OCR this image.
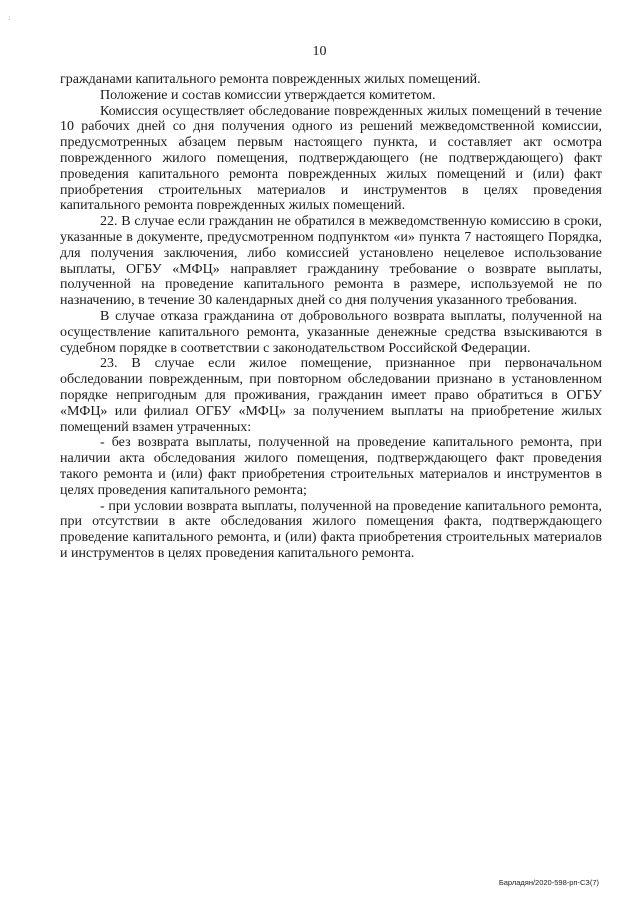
:
10

гражданами капитального ремонта поврежденных жилых помещений.

Положение и состав комиссии утверждается комитетом.

Комиссия осуществляет обследование поврежденных жилых помещений в течение 10 рабочих дней со дня получения одного из решений межведомственной комиссии, предусмотренных абзацем первым настоящего пункта, и составляет акт осмотра поврежденного жилого помещения, подтверждающего (не подтверждающего) факт проведения капитального ремонта поврежденных жилых помещений и (или) факт приобретения строительных материалов и инструментов в целях проведения капитального ремонта поврежденных жилых помещений.

22. В случае если гражданин не обратился в межведомственную комиссию в сроки, указанные в документе, предусмотренном подпунктом «и» пункта 7 настоящего Порядка, для получения заключения, либо комиссией установлено нецелевое использование выплаты, ОГБУ «МФЦ» направляет гражданину требование о возврате выплаты, полученной на проведение капитального ремонта в размере, используемой не по назначению, в течение 30 календарных дней со дня получения указанного требования.

В случае отказа гражданина от добровольного возврата выплаты, полученной на осуществление капитального ремонта, указанные денежные средства взыскиваются в судебном порядке в соответствии с законодательством Российской Федерации.

23. В случае если жилое помещение, признанное при первоначальном обследовании поврежденным, при повторном обследовании признано в установленном порядке непригодным для проживания, гражданин имеет право обратиться в ОГБУ «МФЦ» или филиал ОГБУ «МФЦ» за получением выплаты на приобретение жилых помещений взамен утраченных:

- без возврата выплаты, полученной на проведение капитального ремонта, при наличии акта обследования жилого помещения, подтверждающего факт проведения такого ремонта и (или) факт приобретения строительных материалов и инструментов в целях проведения капитального ремонта;

- при условии возврата выплаты, полученной на проведение капитального ремонта, при отсутствии в акте обследования жилого помещения факта, подтверждающего проведение капитального ремонта, и (или) факта приобретения строительных материалов и инструментов в целях проведения капитального ремонта.

Барладян/2020-598-рп-СЗ(7)
